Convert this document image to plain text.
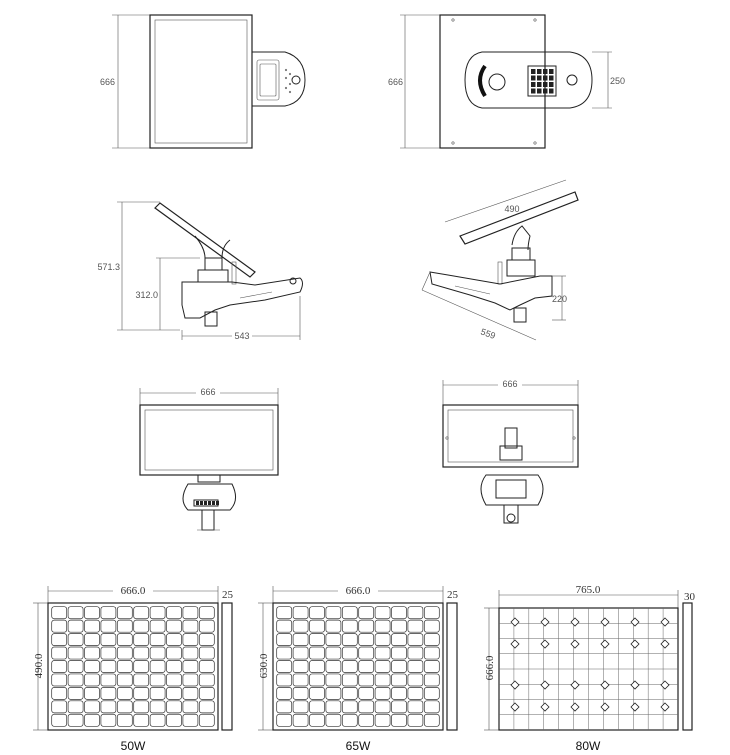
666	666	250
571.3
312.0
543
490
220
559
666
666
666.0
490.0
25
50W
666.0
630.0
25
65W
765.0
666.0
30
80W
